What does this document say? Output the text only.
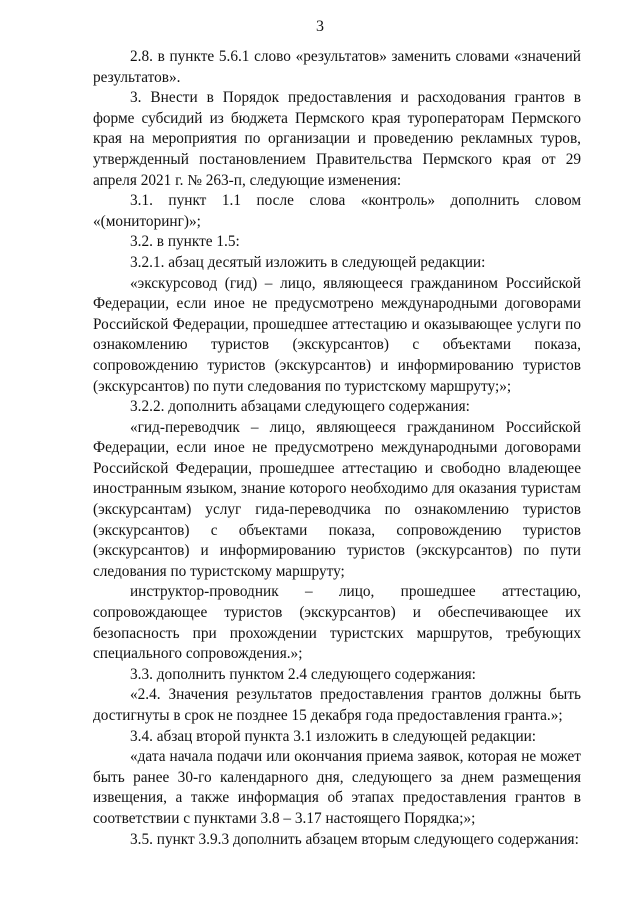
3

2.8. в пункте 5.6.1 слово «результатов» заменить словами «значений результатов».

3. Внести в Порядок предоставления и расходования грантов в форме субсидий из бюджета Пермского края туроператорам Пермского края на мероприятия по организации и проведению рекламных туров, утвержденный постановлением Правительства Пермского края от 29 апреля 2021 г. № 263-п, следующие изменения:

3.1. пункт 1.1 после слова «контроль» дополнить словом «(мониторинг)»;

3.2. в пункте 1.5:

3.2.1. абзац десятый изложить в следующей редакции:

«экскурсовод (гид) – лицо, являющееся гражданином Российской Федерации, если иное не предусмотрено международными договорами Российской Федерации, прошедшее аттестацию и оказывающее услуги по ознакомлению туристов (экскурсантов) с объектами показа, сопровождению туристов (экскурсантов) и информированию туристов (экскурсантов) по пути следования по туристскому маршруту;»;

3.2.2. дополнить абзацами следующего содержания:

«гид-переводчик – лицо, являющееся гражданином Российской Федерации, если иное не предусмотрено международными договорами Российской Федерации, прошедшее аттестацию и свободно владеющее иностранным языком, знание которого необходимо для оказания туристам (экскурсантам) услуг гида-переводчика по ознакомлению туристов (экскурсантов) с объектами показа, сопровождению туристов (экскурсантов) и информированию туристов (экскурсантов) по пути следования по туристскому маршруту;

инструктор-проводник – лицо, прошедшее аттестацию, сопровождающее туристов (экскурсантов) и обеспечивающее их безопасность при прохождении туристских маршрутов, требующих специального сопровождения.»;

3.3. дополнить пунктом 2.4 следующего содержания:

«2.4. Значения результатов предоставления грантов должны быть достигнуты в срок не позднее 15 декабря года предоставления гранта.»;

3.4. абзац второй пункта 3.1 изложить в следующей редакции:

«дата начала подачи или окончания приема заявок, которая не может быть ранее 30-го календарного дня, следующего за днем размещения извещения, а также информация об этапах предоставления грантов в соответствии с пунктами 3.8 – 3.17 настоящего Порядка;»;

3.5. пункт 3.9.3 дополнить абзацем вторым следующего содержания:
